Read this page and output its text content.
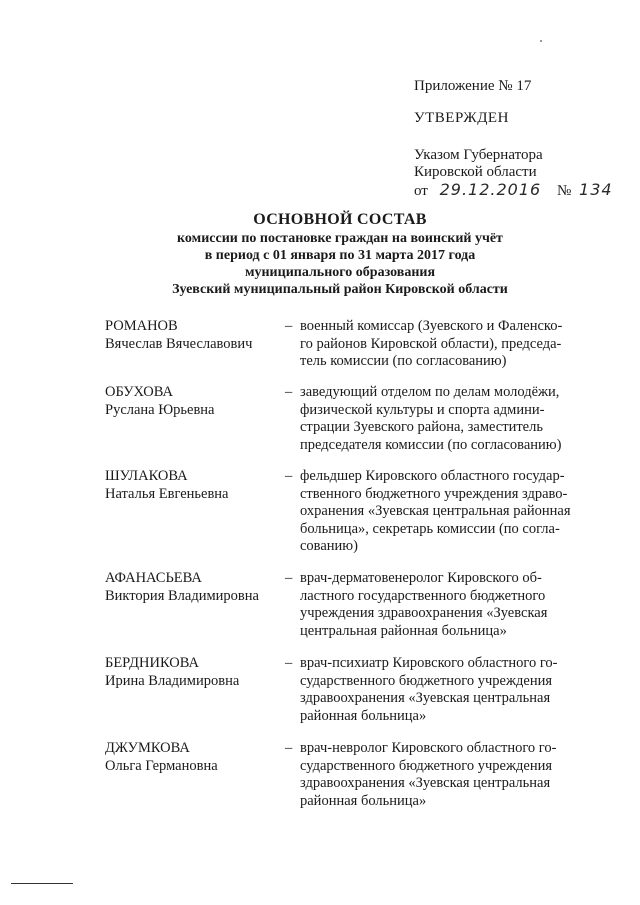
Приложение № 17
УТВЕРЖДЕН
Указом Губернатора
Кировской области
от 29.12.2016 № 134
ОСНОВНОЙ СОСТАВ
комиссии по постановке граждан на воинский учёт
в период с 01 января по 31 марта 2017 года
муниципального образования
Зуевский муниципальный район Кировской области
РОМАНОВ
Вячеслав Вячеславович
– военный комиссар (Зуевского и Фаленско-
го районов Кировской области), председа-
тель комиссии (по согласованию)
ОБУХОВА
Руслана Юрьевна
– заведующий отделом по делам молодёжи,
физической культуры и спорта админи-
страции Зуевского района, заместитель
председателя комиссии (по согласованию)
ШУЛАКОВА
Наталья Евгеньевна
– фельдшер Кировского областного государ-
ственного бюджетного учреждения здраво-
охранения «Зуевская центральная районная
больница», секретарь комиссии (по согла-
сованию)
АФАНАСЬЕВА
Виктория Владимировна
– врач-дерматовенеролог Кировского об-
ластного государственного бюджетного
учреждения здравоохранения «Зуевская
центральная районная больница»
БЕРДНИКОВА
Ирина Владимировна
– врач-психиатр Кировского областного го-
сударственного бюджетного учреждения
здравоохранения «Зуевская центральная
районная больница»
ДЖУМКОВА
Ольга Германовна
– врач-невролог Кировского областного го-
сударственного бюджетного учреждения
здравоохранения «Зуевская центральная
районная больница»
